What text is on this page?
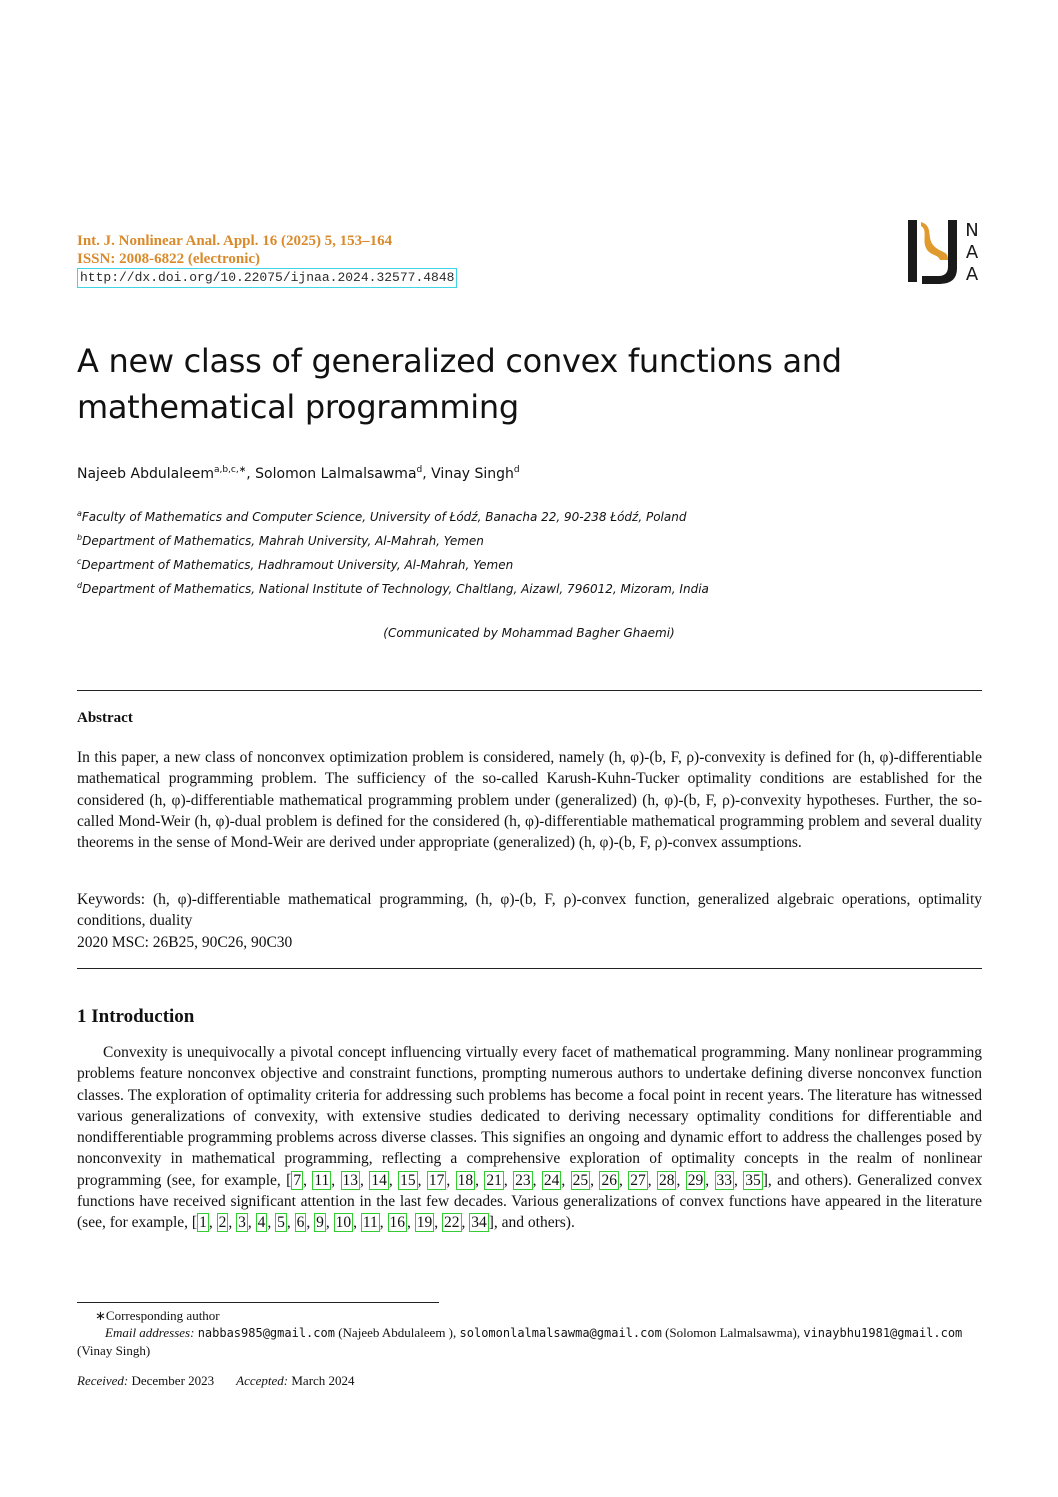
Int. J. Nonlinear Anal. Appl. 16 (2025) 5, 153–164
ISSN: 2008-6822 (electronic)
http://dx.doi.org/10.22075/ijnaa.2024.32577.4848
N
A
A
A new class of generalized convex functions and mathematical programming
Najeeb Abdulaleem$^{a,b,c,∗}$, Solomon Lalmalsawma$^d$, Vinay Singh$^d$
$^a$Faculty of Mathematics and Computer Science, University of Łódź, Banacha 22, 90-238 Łódź, Poland
$^b$Department of Mathematics, Mahrah University, Al-Mahrah, Yemen
$^c$Department of Mathematics, Hadhramout University, Al-Mahrah, Yemen
$^d$Department of Mathematics, National Institute of Technology, Chaltlang, Aizawl, 796012, Mizoram, India
(Communicated by Mohammad Bagher Ghaemi)
Abstract
In this paper, a new class of nonconvex optimization problem is considered, namely (h, φ)-(b, F, ρ)-convexity is defined for (h, φ)-differentiable mathematical programming problem. The sufficiency of the so-called Karush-Kuhn-Tucker optimality conditions are established for the considered (h, φ)-differentiable mathematical programming problem under (generalized) (h, φ)-(b, F, ρ)-convexity hypotheses. Further, the so-called Mond-Weir (h, φ)-dual problem is defined for the considered (h, φ)-differentiable mathematical programming problem and several duality theorems in the sense of Mond-Weir are derived under appropriate (generalized) (h, φ)-(b, F, ρ)-convex assumptions.
Keywords: (h, φ)-differentiable mathematical programming, (h, φ)-(b, F, ρ)-convex function, generalized algebraic operations, optimality conditions, duality
2020 MSC: 26B25, 90C26, 90C30
1 Introduction
Convexity is unequivocally a pivotal concept influencing virtually every facet of mathematical programming. Many nonlinear programming problems feature nonconvex objective and constraint functions, prompting numerous authors to undertake defining diverse nonconvex function classes. The exploration of optimality criteria for addressing such problems has become a focal point in recent years. The literature has witnessed various generalizations of convexity, with extensive studies dedicated to deriving necessary optimality conditions for differentiable and nondifferentiable programming problems across diverse classes. This signifies an ongoing and dynamic effort to address the challenges posed by nonconvexity in mathematical programming, reflecting a comprehensive exploration of optimality concepts in the realm of nonlinear programming (see, for example, [ 7 , 11 , 13 , 14 , 15 , 17 , 18 , 21 , 23 , 24 , 25 , 26 , 27 , 28 , 29 , 33 , 35 ], and others). Generalized convex functions have received significant attention in the last few decades. Various generalizations of convex functions have appeared in the literature (see, for example, [ 1 , 2 , 3 , 4 , 5 , 6 , 9 , 10 , 11 , 16 , 19 , 22 , 34 ], and others).
∗Corresponding author
Email addresses: nabbas985@gmail.com (Najeeb Abdulaleem ), solomonlalmalsawma@gmail.com (Solomon Lalmalsawma), vinaybhu1981@gmail.com (Vinay Singh)
Received: December 2023 Accepted: March 2024
